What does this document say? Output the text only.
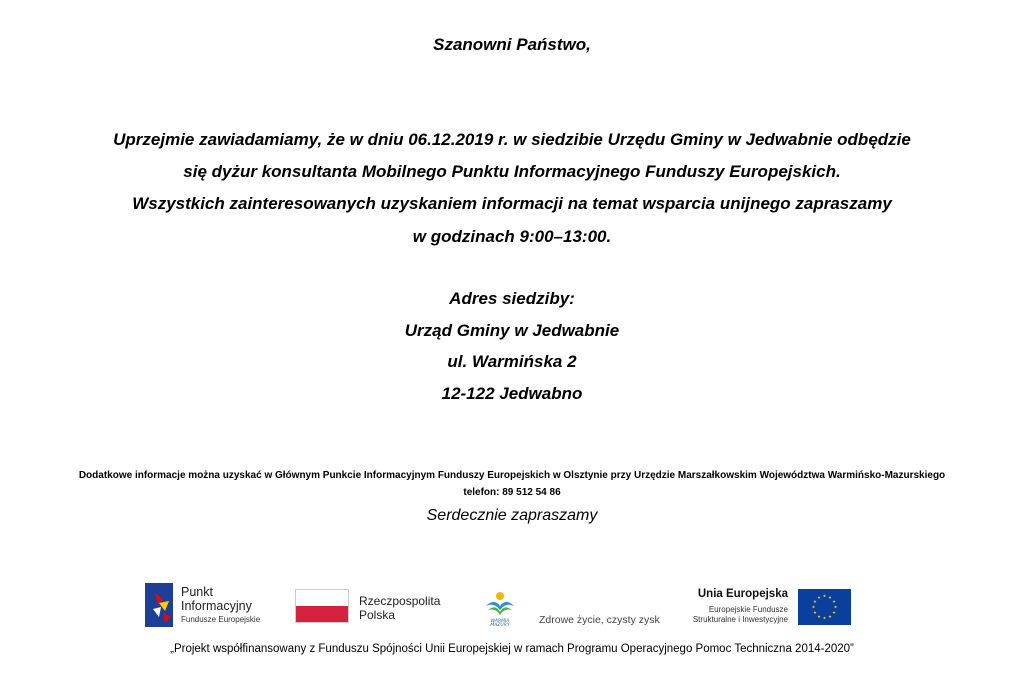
Szanowni Państwo,
Uprzejmie zawiadamiamy, że w dniu 06.12.2019 r. w siedzibie Urzędu Gminy w Jedwabnie odbędzie
się dyżur konsultanta Mobilnego Punktu Informacyjnego Funduszy Europejskich.
Wszystkich zainteresowanych uzyskaniem informacji na temat wsparcia unijnego zapraszamy
w godzinach 9:00–13:00.
Adres siedziby:
Urząd Gminy w Jedwabnie
ul. Warmińska 2
12-122 Jedwabno
Dodatkowe informacje można uzyskać w Głównym Punkcie Informacyjnym Funduszy Europejskich w Olsztynie przy Urzędzie Marszałkowskim Województwa Warmińsko-Mazurskiego
telefon: 89 512 54 86
Serdecznie zapraszamy
Punkt
Informacyjny
Fundusze Europejskie
Rzeczpospolita
Polska	WARMIA
MAZURY	Zdrowe życie, czysty zysk
Unia Europejska
Europejskie Fundusze
Strukturalne i Inwestycyjne
„Projekt współfinansowany z Funduszu Spójności Unii Europejskiej w ramach Programu Operacyjnego Pomoc Techniczna 2014-2020”
